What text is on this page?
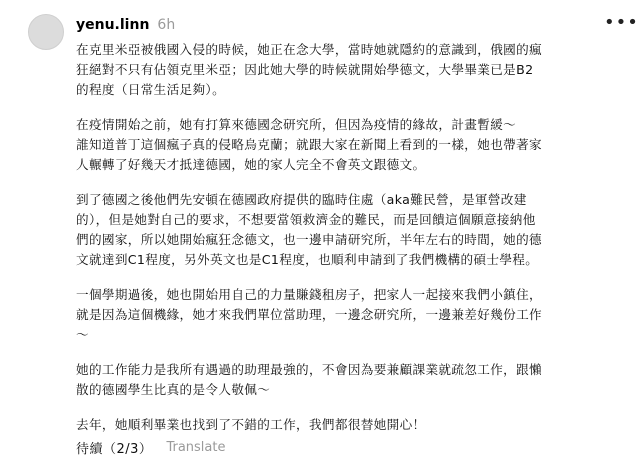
yenu.linn 6h	•••

在克里米亞被俄國入侵的時候，她正在念大學，當時她就隱約的意識到，俄國的瘋
狂絕對不只有佔領克里米亞；因此她大學的時候就開始學德文，大學畢業已是B2
的程度（日常生活足夠）。

在疫情開始之前，她有打算來德國念研究所，但因為疫情的緣故，計畫暫緩～
誰知道普丁這個瘋子真的侵略烏克蘭；就跟大家在新聞上看到的一樣，她也帶著家
人輾轉了好幾天才抵達德國，她的家人完全不會英文跟德文。

到了德國之後他們先安頓在德國政府提供的臨時住處（aka難民營，是軍營改建
的），但是她對自己的要求，不想要當領救濟金的難民，而是回饋這個願意接納他
們的國家，所以她開始瘋狂念德文，也一邊申請研究所，半年左右的時間，她的德
文就達到C1程度，另外英文也是C1程度，也順利申請到了我們機構的碩士學程。

一個學期過後，她也開始用自己的力量賺錢租房子，把家人一起接來我們小鎮住，
就是因為這個機緣，她才來我們單位當助理，一邊念研究所，一邊兼差好幾份工作
～

她的工作能力是我所有遇過的助理最強的，不會因為要兼顧課業就疏忽工作，跟懶
散的德國學生比真的是令人敬佩～

去年，她順利畢業也找到了不錯的工作，我們都很替她開心！

待續（2/3） Translate
